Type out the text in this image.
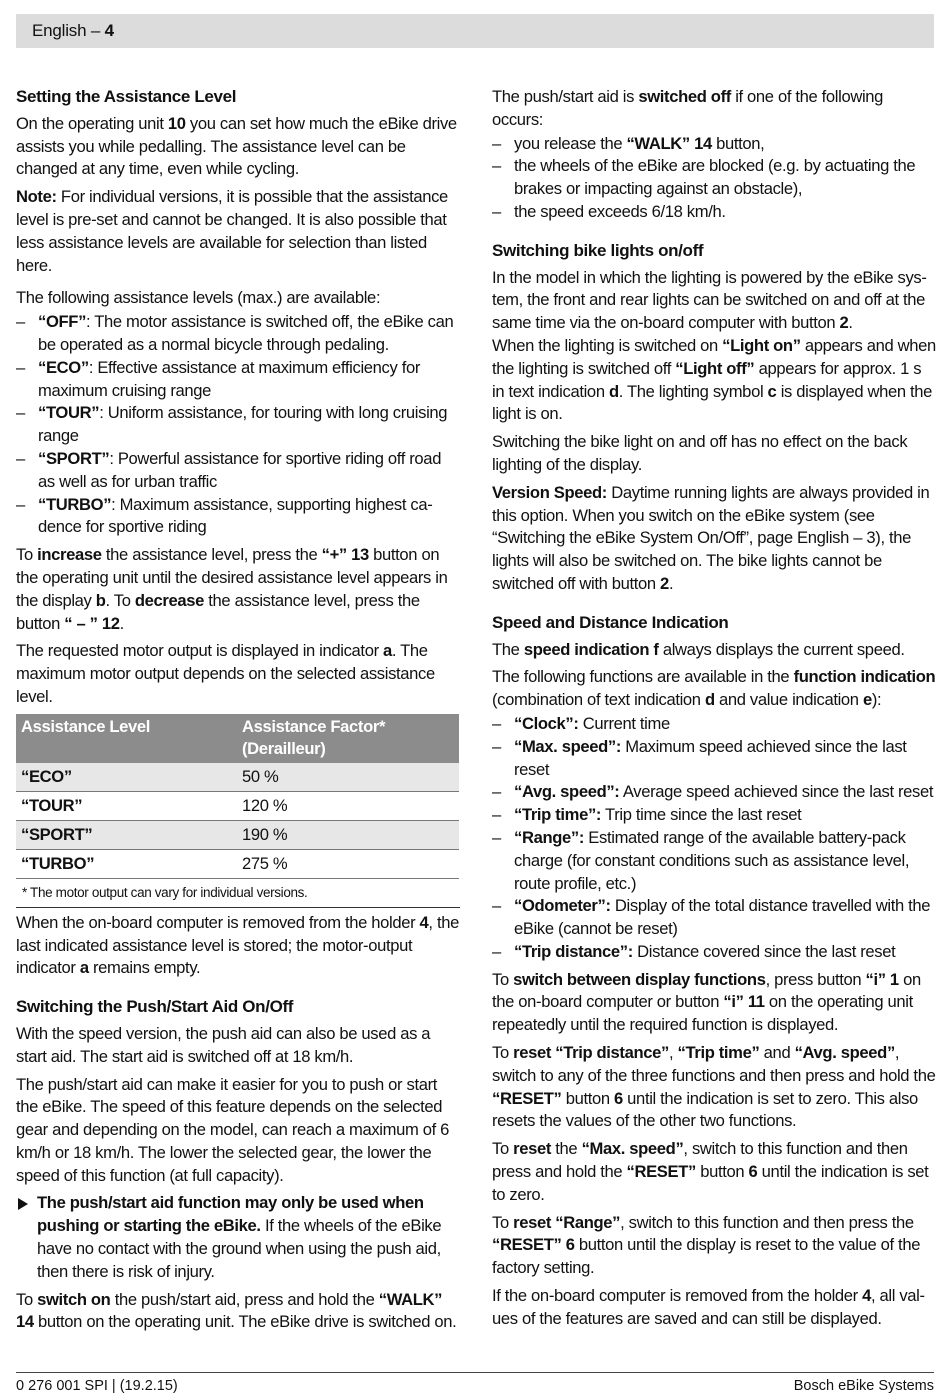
English – 4
Setting the Assistance Level

On the operating unit 10 you can set how much the eBike drive assists you while pedalling. The assistance level can be changed at any time, even while cycling.

Note: For individual versions, it is possible that the assistance level is pre-set and cannot be changed. It is also possible that less assistance levels are available for selection than listed here.

The following assistance levels (max.) are available:

– “OFF”: The motor assistance is switched off, the eBike can be operated as a normal bicycle through pedaling.
– “ECO”: Effective assistance at maximum efficiency for maximum cruising range
– “TOUR”: Uniform assistance, for touring with long cruising range
– “SPORT”: Powerful assistance for sportive riding off road as well as for urban traffic
– “TURBO”: Maximum assistance, supporting highest cadence for sportive riding

To increase the assistance level, press the “+” 13 button on the operating unit until the desired assistance level appears in the display b. To decrease the assistance level, press the button “ – ” 12.

The requested motor output is displayed in indicator a. The maximum motor output depends on the selected assistance level.

Assistance Level	Assistance Factor* (Derailleur)
“ECO”	50 %
“TOUR”	120 %
“SPORT”	190 %
“TURBO”	275 %
* The motor output can vary for individual versions.

When the on-board computer is removed from the holder 4, the last indicated assistance level is stored; the motor-output indicator a remains empty.

Switching the Push/Start Aid On/Off

With the speed version, the push aid can also be used as a start aid. The start aid is switched off at 18 km/h.

The push/start aid can make it easier for you to push or start the eBike. The speed of this feature depends on the selected gear and depending on the model, can reach a maximum of 6 km/h or 18 km/h. The lower the selected gear, the lower the speed of this function (at full capacity).

The push/start aid function may only be used when pushing or starting the eBike. If the wheels of the eBike have no contact with the ground when using the push aid, then there is risk of injury.

To switch on the push/start aid, press and hold the “WALK” 14 button on the operating unit. The eBike drive is switched on.

The push/start aid is switched off if one of the following occurs:

– you release the “WALK” 14 button,
– the wheels of the eBike are blocked (e.g. by actuating the brakes or impacting against an obstacle),
– the speed exceeds 6/18 km/h.
Switching bike lights on/off

In the model in which the lighting is powered by the eBike system, the front and rear lights can be switched on and off at the same time via the on-board computer with button 2.

When the lighting is switched on “Light on” appears and when the lighting is switched off “Light off” appears for approx. 1 s in text indication d. The lighting symbol c is displayed when the light is on.

Switching the bike light on and off has no effect on the back lighting of the display.

Version Speed: Daytime running lights are always provided in this option. When you switch on the eBike system (see “Switching the eBike System On/Off”, page English – 3), the lights will also be switched on. The bike lights cannot be switched off with button 2.

Speed and Distance Indication

The speed indication f always displays the current speed.

The following functions are available in the function indication (combination of text indication d and value indication e):

– “Clock”: Current time
– “Max. speed”: Maximum speed achieved since the last reset
– “Avg. speed”: Average speed achieved since the last reset
– “Trip time”: Trip time since the last reset
– “Range”: Estimated range of the available battery-pack charge (for constant conditions such as assistance level, route profile, etc.)
– “Odometer”: Display of the total distance travelled with the eBike (cannot be reset)
– “Trip distance”: Distance covered since the last reset

To switch between display functions, press button “i” 1 on the on-board computer or button “i” 11 on the operating unit repeatedly until the required function is displayed.

To reset “Trip distance”, “Trip time” and “Avg. speed”, switch to any of the three functions and then press and hold the “RESET” button 6 until the indication is set to zero. This also resets the values of the other two functions.

To reset the “Max. speed”, switch to this function and then press and hold the “RESET” button 6 until the indication is set to zero.

To reset “Range”, switch to this function and then press the “RESET” 6 button until the display is reset to the value of the factory setting.

If the on-board computer is removed from the holder 4, all values of the features are saved and can still be displayed.

0 276 001 SPI | (19.2.15)	Bosch eBike Systems
